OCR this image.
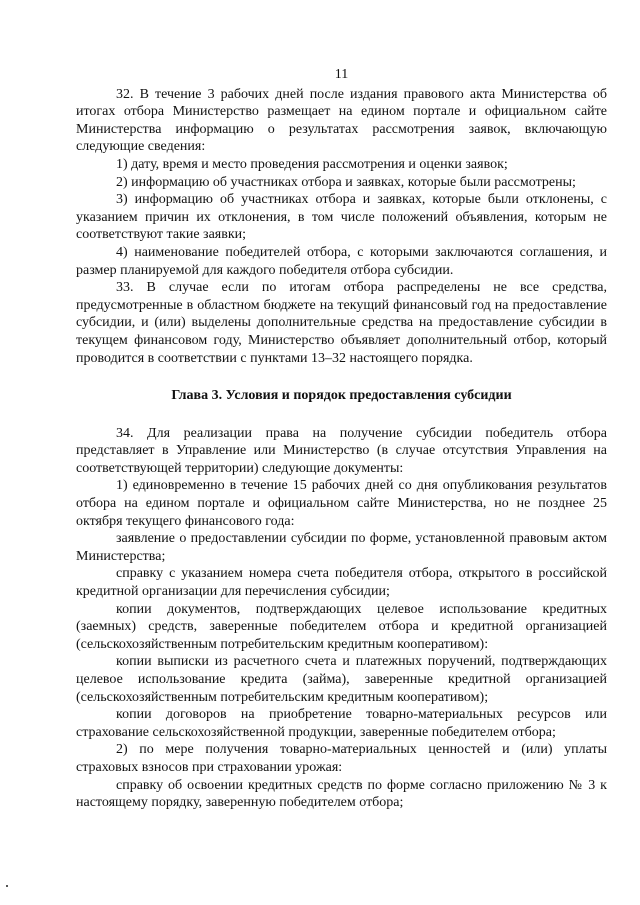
11

32. В течение 3 рабочих дней после издания правового акта Министерства об итогах отбора Министерство размещает на едином портале и официальном сайте Министерства информацию о результатах рассмотрения заявок, включающую следующие сведения:

1) дату, время и место проведения рассмотрения и оценки заявок;

2) информацию об участниках отбора и заявках, которые были рассмотрены;

3) информацию об участниках отбора и заявках, которые были отклонены, с указанием причин их отклонения, в том числе положений объявления, которым не соответствуют такие заявки;

4) наименование победителей отбора, с которыми заключаются соглашения, и размер планируемой для каждого победителя отбора субсидии.

33. В случае если по итогам отбора распределены не все средства, предусмотренные в областном бюджете на текущий финансовый год на предоставление субсидии, и (или) выделены дополнительные средства на предоставление субсидии в текущем финансовом году, Министерство объявляет дополнительный отбор, который проводится в соответствии с пунктами 13–32 настоящего порядка.

Глава 3. Условия и порядок предоставления субсидии

34. Для реализации права на получение субсидии победитель отбора представляет в Управление или Министерство (в случае отсутствия Управления на соответствующей территории) следующие документы:

1) единовременно в течение 15 рабочих дней со дня опубликования результатов отбора на едином портале и официальном сайте Министерства, но не позднее 25 октября текущего финансового года:

заявление о предоставлении субсидии по форме, установленной правовым актом Министерства;

справку с указанием номера счета победителя отбора, открытого в российской кредитной организации для перечисления субсидии;

копии документов, подтверждающих целевое использование кредитных (заемных) средств, заверенные победителем отбора и кредитной организацией (сельскохозяйственным потребительским кредитным кооперативом):

копии выписки из расчетного счета и платежных поручений, подтверждающих целевое использование кредита (займа), заверенные кредитной организацией (сельскохозяйственным потребительским кредитным кооперативом);

копии договоров на приобретение товарно-материальных ресурсов или страхование сельскохозяйственной продукции, заверенные победителем отбора;

2) по мере получения товарно-материальных ценностей и (или) уплаты страховых взносов при страховании урожая:

справку об освоении кредитных средств по форме согласно приложению № 3 к настоящему порядку, заверенную победителем отбора;
